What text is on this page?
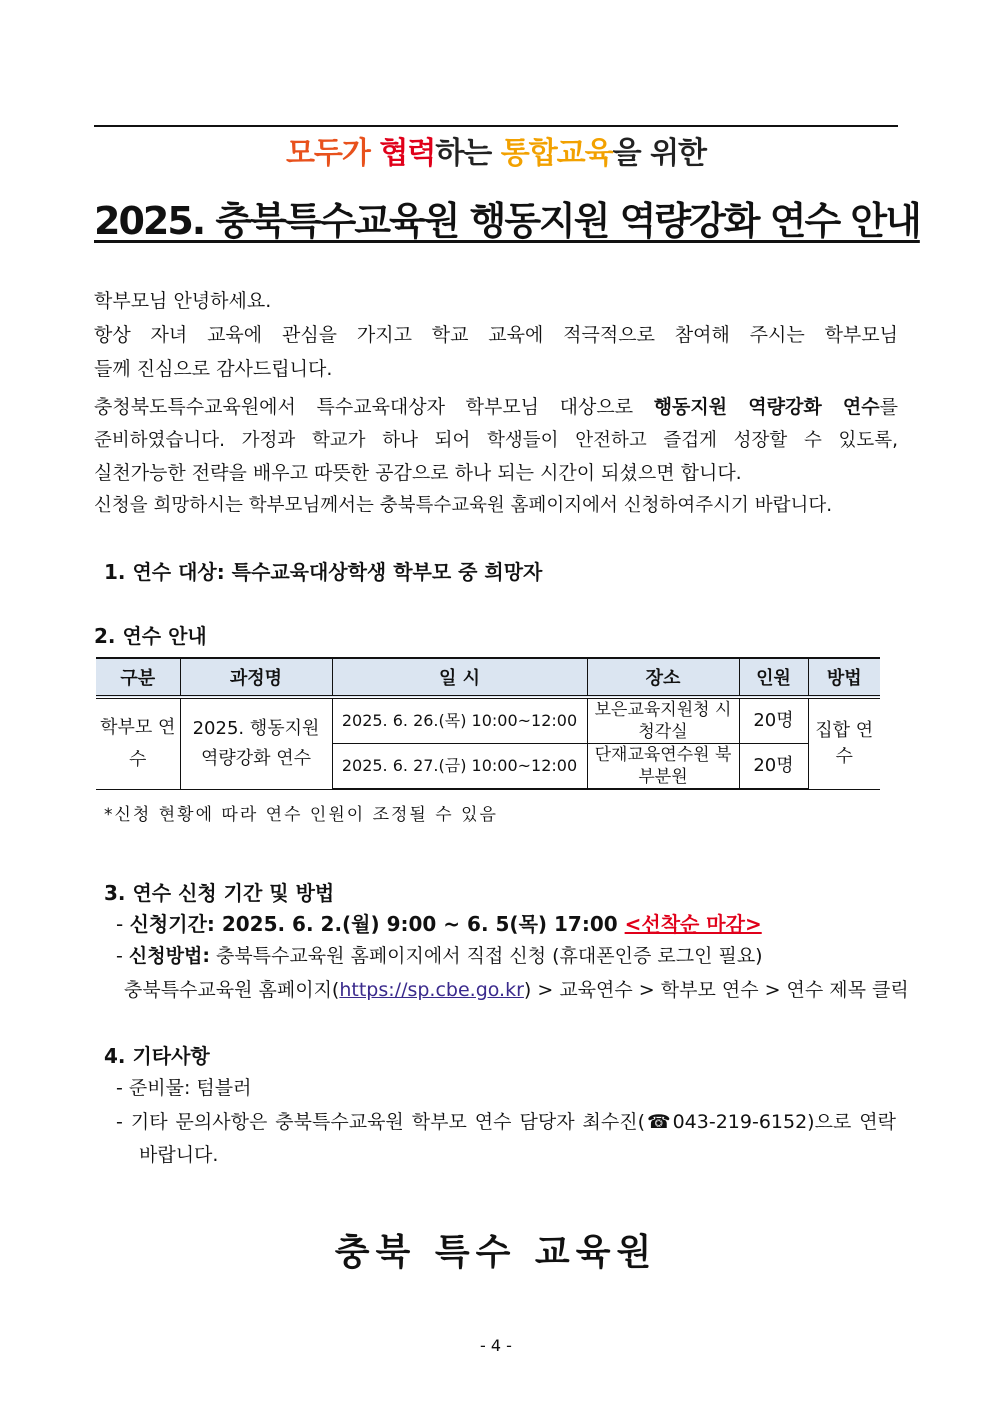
모두가 협력하는 통합교육을 위한
2025. 충북특수교육원 행동지원 역량강화 연수 안내
학부모님 안녕하세요.
항상 자녀 교육에 관심을 가지고 학교 교육에 적극적으로 참여해 주시는 학부모님
들께 진심으로 감사드립니다.
충청북도특수교육원에서 특수교육대상자 학부모님 대상으로 행동지원 역량강화 연수를
준비하였습니다. 가정과 학교가 하나 되어 학생들이 안전하고 즐겁게 성장할 수 있도록,
실천가능한 전략을 배우고 따뜻한 공감으로 하나 되는 시간이 되셨으면 합니다.
신청을 희망하시는 학부모님께서는 충북특수교육원 홈페이지에서 신청하여주시기 바랍니다.
1. 연수 대상: 특수교육대상학생 학부모 중 희망자
2. 연수 안내
구분	과정명	일 시	장소	인원	방법
학부모 연수	2025. 행동지원 역량강화 연수	2025. 6. 26.(목) 10:00~12:00	보은교육지원청 시청각실	20명	집합 연수
		2025. 6. 27.(금) 10:00~12:00	단재교육연수원 북부분원	20명	
*신청 현황에 따라 연수 인원이 조정될 수 있음
3. 연수 신청 기간 및 방법
- 신청기간: 2025. 6. 2.(월) 9:00 ~ 6. 5(목) 17:00 <선착순 마감>
- 신청방법: 충북특수교육원 홈페이지에서 직접 신청 (휴대폰인증 로그인 필요)
충북특수교육원 홈페이지(https://sp.cbe.go.kr) > 교육연수 > 학부모 연수 > 연수 제목 클릭
4. 기타사항
- 준비물: 텀블러
- 기타 문의사항은 충북특수교육원 학부모 연수 담당자 최수진(☎043-219-6152)으로 연락
바랍니다.
충북 특수 교육원
- 4 -
